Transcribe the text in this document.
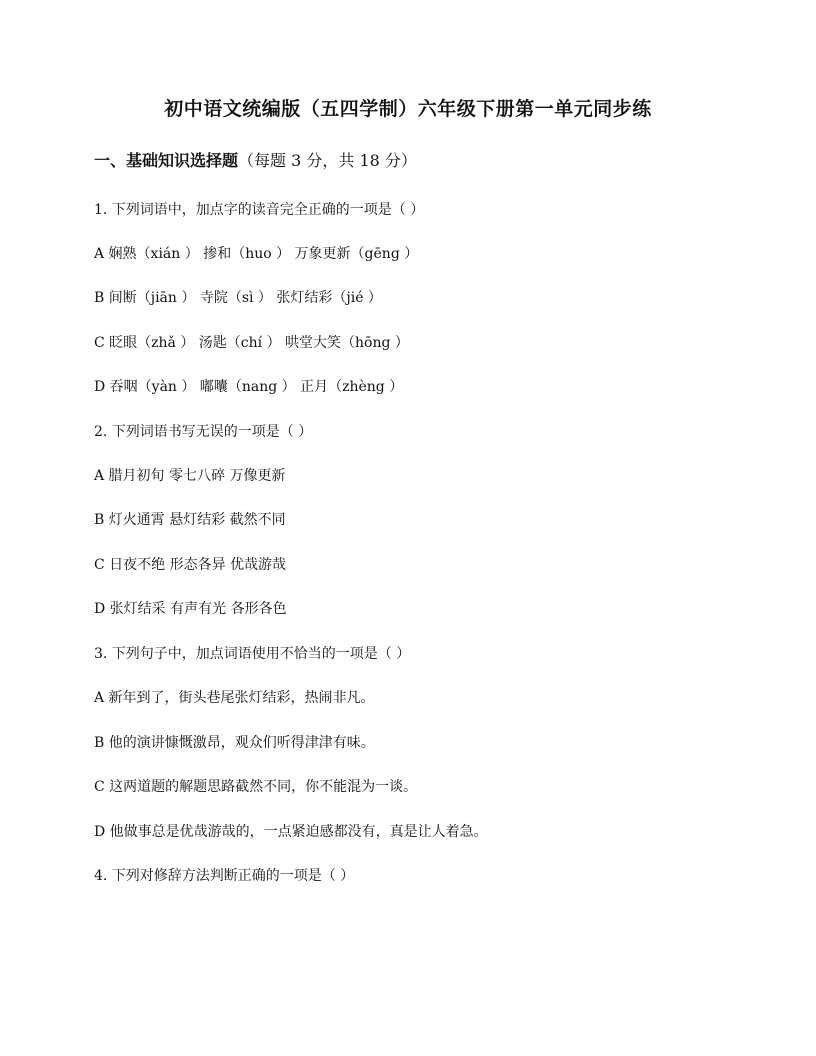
初中语文统编版（五四学制）六年级下册第一单元同步练
一、基础知识选择题（每题 3 分，共 18 分）
1. 下列词语中，加点字的读音完全正确的一项是（ ）
A 娴熟（xián ） 掺和（huo ） 万象更新（gēng ）
B 间断（jiān ） 寺院（sì ） 张灯结彩（jié ）
C 眨眼（zhǎ ） 汤匙（chí ） 哄堂大笑（hōng ）
D 吞咽（yàn ） 嘟囔（nang ） 正月（zhèng ）
2. 下列词语书写无误的一项是（ ）
A 腊月初旬 零七八碎 万像更新
B 灯火通霄 悬灯结彩 截然不同
C 日夜不绝 形态各异 优哉游哉
D 张灯结采 有声有光 各形各色
3. 下列句子中，加点词语使用不恰当的一项是（ ）
A 新年到了，街头巷尾张灯结彩，热闹非凡。
B 他的演讲慷慨激昂，观众们听得津津有味。
C 这两道题的解题思路截然不同，你不能混为一谈。
D 他做事总是优哉游哉的，一点紧迫感都没有，真是让人着急。
4. 下列对修辞方法判断正确的一项是（ ）
